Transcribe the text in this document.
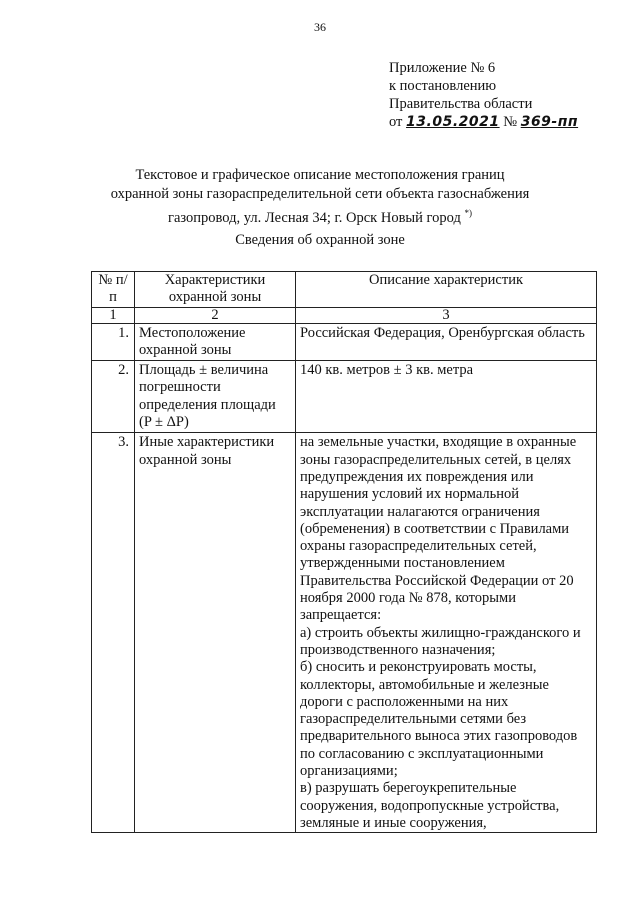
36
Приложение № 6
к постановлению
Правительства области
от 13.05.2021 № 369-пп
Текстовое и графическое описание местоположения границ
охранной зоны газораспределительной сети объекта газоснабжения
газопровод, ул. Лесная 34; г. Орск Новый город *)
Сведения об охранной зоне
№ п/п	Характеристики охранной зоны	Описание характеристик
1	2	3
1.	Местоположение охранной зоны	Российская Федерация, Оренбургская область
2.	Площадь ± величина погрешности определения площади (P ± ΔP)	140 кв. метров ± 3 кв. метра
3.	Иные характеристики охранной зоны	на земельные участки, входящие в охранные зоны газораспределительных сетей, в целях предупреждения их повреждения или нарушения условий их нормальной эксплуатации налагаются ограничения (обременения) в соответствии с Правилами охраны газораспределительных сетей, утвержденными постановлением Правительства Российской Федерации от 20 ноября 2000 года № 878, которыми запрещается:
а) строить объекты жилищно-гражданского и производственного назначения;
б) сносить и реконструировать мосты, коллекторы, автомобильные и железные дороги с расположенными на них газораспределительными сетями без предварительного выноса этих газопроводов по согласованию с эксплуатационными организациями;
в) разрушать берегоукрепительные сооружения, водопропускные устройства, земляные и иные сооружения,
